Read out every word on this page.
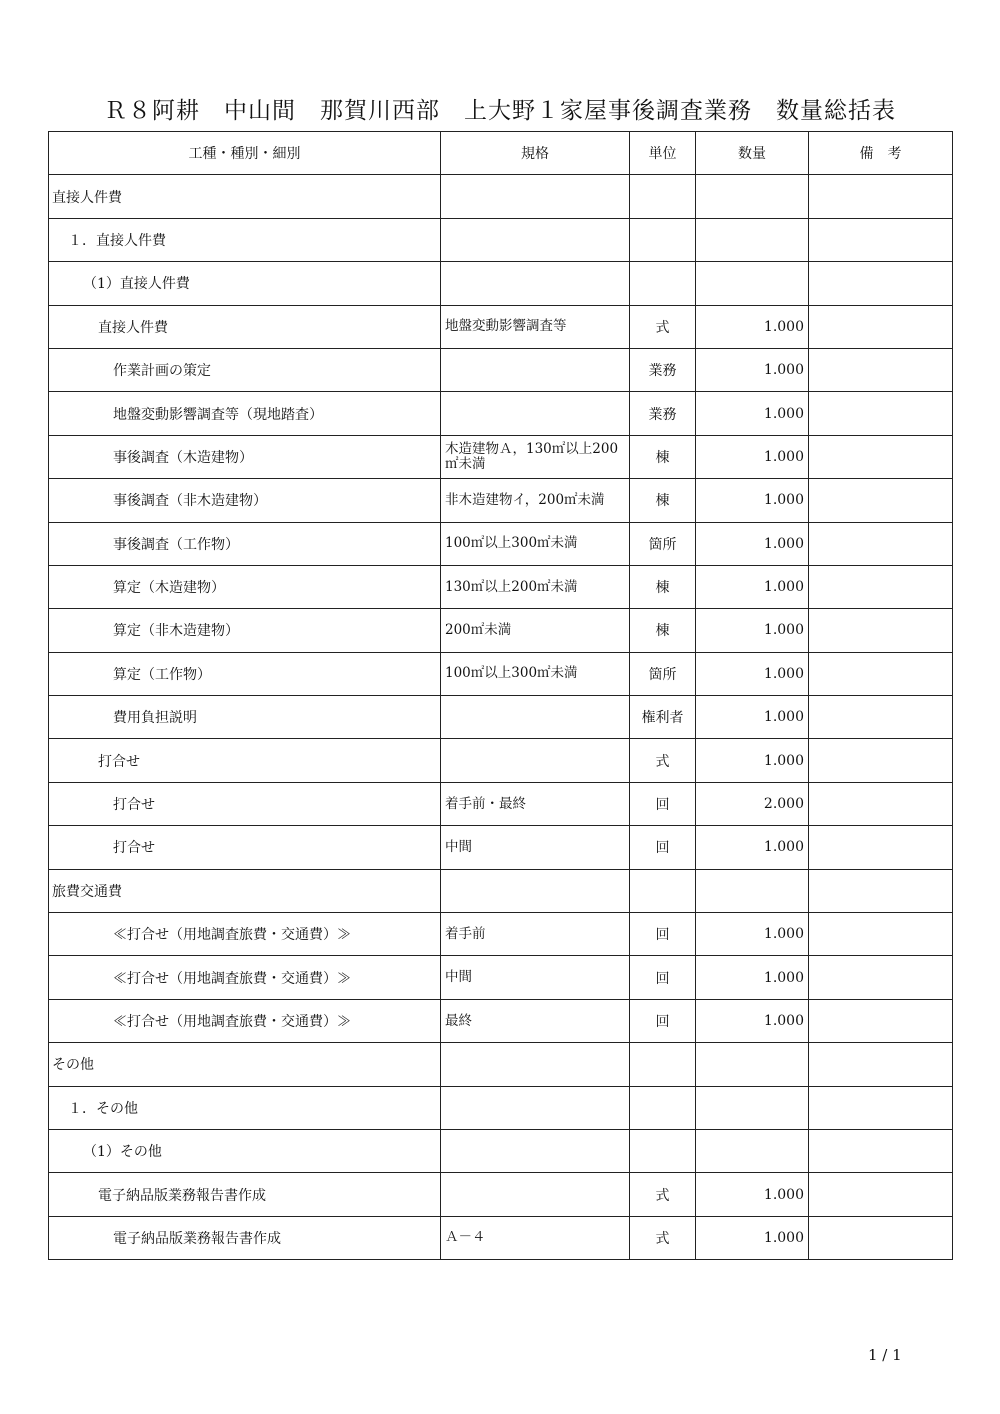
Ｒ８阿耕　中山間　那賀川西部　上大野１家屋事後調査業務　数量総括表
工種・種別・細別	規格	単位	数量	備　考
直接人件費				
１．直接人件費				
（1）直接人件費				
直接人件費	地盤変動影響調査等	式	1.000	
作業計画の策定		業務	1.000	
地盤変動影響調査等（現地踏査）		業務	1.000	
事後調査（木造建物）	木造建物Ａ，130㎡以上200㎡未満	棟	1.000	
事後調査（非木造建物）	非木造建物イ，200㎡未満	棟	1.000	
事後調査（工作物）	100㎡以上300㎡未満	箇所	1.000	
算定（木造建物）	130㎡以上200㎡未満	棟	1.000	
算定（非木造建物）	200㎡未満	棟	1.000	
算定（工作物）	100㎡以上300㎡未満	箇所	1.000	
費用負担説明		権利者	1.000	
打合せ		式	1.000	
打合せ	着手前・最終	回	2.000	
打合せ	中間	回	1.000	
旅費交通費				
≪打合せ（用地調査旅費・交通費）≫	着手前	回	1.000	
≪打合せ（用地調査旅費・交通費）≫	中間	回	1.000	
≪打合せ（用地調査旅費・交通費）≫	最終	回	1.000	
その他				
１．その他				
（1）その他				
電子納品版業務報告書作成		式	1.000	
電子納品版業務報告書作成	Ａ－４	式	1.000	
1 / 1
